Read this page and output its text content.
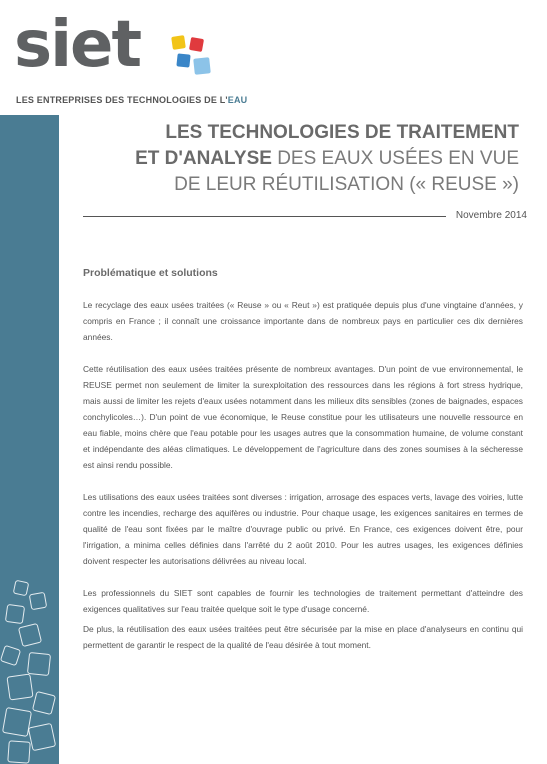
siet
LES ENTREPRISES DES TECHNOLOGIES DE L'EAU
LES TECHNOLOGIES DE TRAITEMENT
ET D'ANALYSE DES EAUX USÉES EN VUE
DE LEUR RÉUTILISATION (« REUSE »)
Novembre 2014
Problématique et solutions

Le recyclage des eaux usées traitées (« Reuse » ou « Reut ») est pratiquée depuis plus d'une vingtaine d'années, y compris en France ; il connaît une croissance importante dans de nombreux pays en particulier ces dix dernières années.

Cette réutilisation des eaux usées traitées présente de nombreux avantages. D'un point de vue environnemental, le REUSE permet non seulement de limiter la surexploitation des ressources dans les régions à fort stress hydrique, mais aussi de limiter les rejets d'eaux usées notamment dans les milieux dits sensibles (zones de baignades, espaces conchylicoles…). D'un point de vue économique, le Reuse constitue pour les utilisateurs une nouvelle ressource en eau fiable, moins chère que l'eau potable pour les usages autres que la consommation humaine, de volume constant et indépendante des aléas climatiques. Le développement de l'agriculture dans des zones soumises à la sécheresse est ainsi rendu possible.

Les utilisations des eaux usées traitées sont diverses : irrigation, arrosage des espaces verts, lavage des voiries, lutte contre les incendies, recharge des aquifères ou industrie. Pour chaque usage, les exigences sanitaires en termes de qualité de l'eau sont fixées par le maître d'ouvrage public ou privé. En France, ces exigences doivent être, pour l'irrigation, a minima celles définies dans l'arrêté du 2 août 2010. Pour les autres usages, les exigences définies doivent respecter les autorisations délivrées au niveau local.

Les professionnels du SIET sont capables de fournir les technologies de traitement permettant d'atteindre des exigences qualitatives sur l'eau traitée quelque soit le type d'usage concerné.

De plus, la réutilisation des eaux usées traitées peut être sécurisée par la mise en place d'analyseurs en continu qui permettent de garantir le respect de la qualité de l'eau désirée à tout moment.
